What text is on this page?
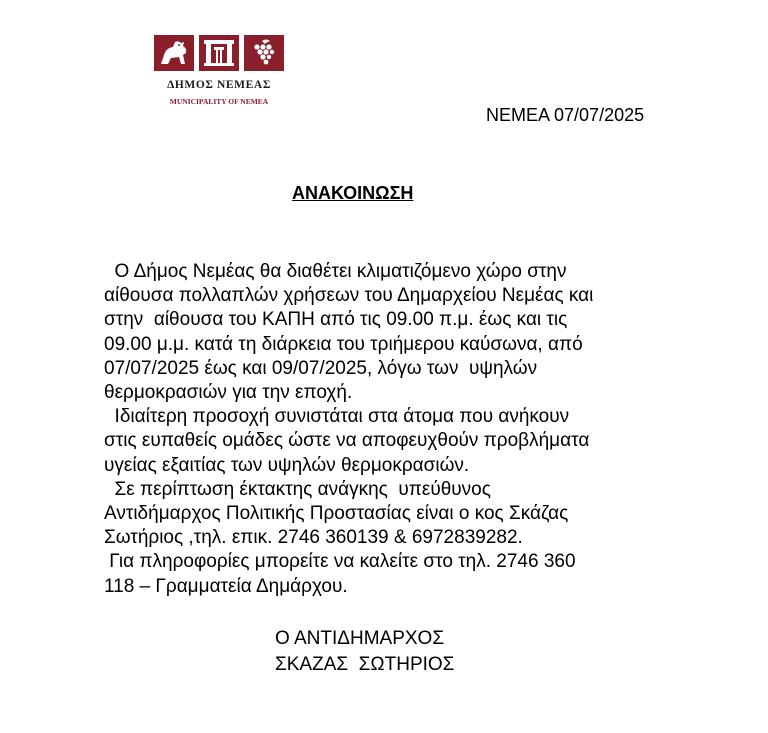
ΔΗΜΟΣ ΝΕΜΕΑΣ
MUNICIPALITY OF NEMEA
ΝΕΜΕΑ 07/07/2025
ΑΝΑΚΟΙΝΩΣΗ
Ο Δήμος Νεμέας θα διαθέτει κλιματιζόμενο χώρο στην
αίθουσα πολλαπλών χρήσεων του Δημαρχείου Νεμέας και
στην  αίθουσα του ΚΑΠΗ από τις 09.00 π.μ. έως και τις
09.00 μ.μ. κατά τη διάρκεια του τριήμερου καύσωνα, από
07/07/2025 έως και 09/07/2025, λόγω των  υψηλών
θερμοκρασιών για την εποχή.
Ιδιαίτερη προσοχή συνιστάται στα άτομα που ανήκουν
στις ευπαθείς ομάδες ώστε να αποφευχθούν προβλήματα
υγείας εξαιτίας των υψηλών θερμοκρασιών.
Σε περίπτωση έκτακτης ανάγκης  υπεύθυνος
Αντιδήμαρχος Πολιτικής Προστασίας είναι ο κος Σκάζας
Σωτήριος ,τηλ. επικ. 2746 360139 & 6972839282.
Για πληροφορίες μπορείτε να καλείτε στο τηλ. 2746 360
118 – Γραμματεία Δημάρχου.
Ο ΑΝΤΙΔΗΜΑΡΧΟΣ
ΣΚΑΖΑΣ  ΣΩΤΗΡΙΟΣ
